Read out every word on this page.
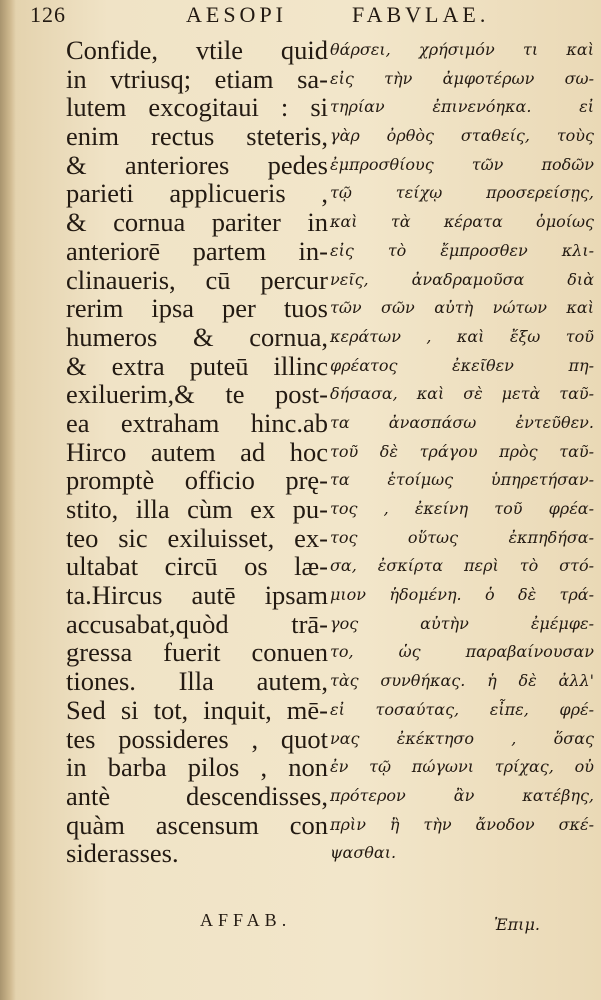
126	AESOPI	FABVLAE.
Confide, vtile quid
in vtriusq; etiam sa-
lutem excogitaui : si
enim rectus steteris,
& anteriores pedes
parieti applicueris ,
& cornua pariter in
anteriorē partem in-
clinaueris, cū percur
rerim ipsa per tuos
humeros & cornua,
& extra puteū illinc
exiluerim,& te post-
ea extraham hinc.ab
Hirco autem ad hoc
promptè officio prę-
stito, illa cùm ex pu-
teo sic exiluisset, ex-
ultabat circū os læ-
ta.Hircus autē ipsam
accusabat,quòd trā-
gressa fuerit conuen
tiones. Illa autem,
Sed si tot, inquit, mē-
tes possideres , quot
in barba pilos , non
antè descendisses,
quàm ascensum con
siderasses.
θάρσει, χρήσιμόν τι καὶ
εἰς τὴν ἀμφοτέρων σω-
τηρίαν ἐπινενόηκα. εἰ
γὰρ ὀρθὸς σταθείς, τοὺς
ἐμπροσθίους τῶν ποδῶν
τῷ τείχῳ προσερείσῃς,
καὶ τὰ κέρατα ὁμοίως
εἰς τὸ ἔμπροσθεν κλι-
νεῖς, ἀναδραμοῦσα διὰ
τῶν σῶν αὐτὴ νώτων καὶ
κεράτων , καὶ ἔξω τοῦ
φρέατος ἐκεῖθεν πη-
δήσασα, καὶ σὲ μετὰ ταῦ-
τα ἀνασπάσω ἐντεῦθεν.
τοῦ δὲ τράγου πρὸς ταῦ-
τα ἑτοίμως ὑπηρετήσαν-
τος , ἐκείνη τοῦ φρέα-
τος οὕτως ἐκπηδήσα-
σα, ἐσκίρτα περὶ τὸ στό-
μιον ἡδομένη. ὁ δὲ τρά-
γος αὐτὴν ἐμέμφε-
το, ὡς παραβαίνουσαν
τὰς συνθήκας. ἡ δὲ ἀλλ'
εἰ τοσαύτας, εἶπε, φρέ-
νας ἐκέκτησο , ὅσας
ἐν τῷ πώγωνι τρίχας, οὐ
πρότερον ἂν κατέβης,
πρὶν ἢ τὴν ἄνοδον σκέ-
ψασθαι.
AFFAB.	Ἐπιμ.
